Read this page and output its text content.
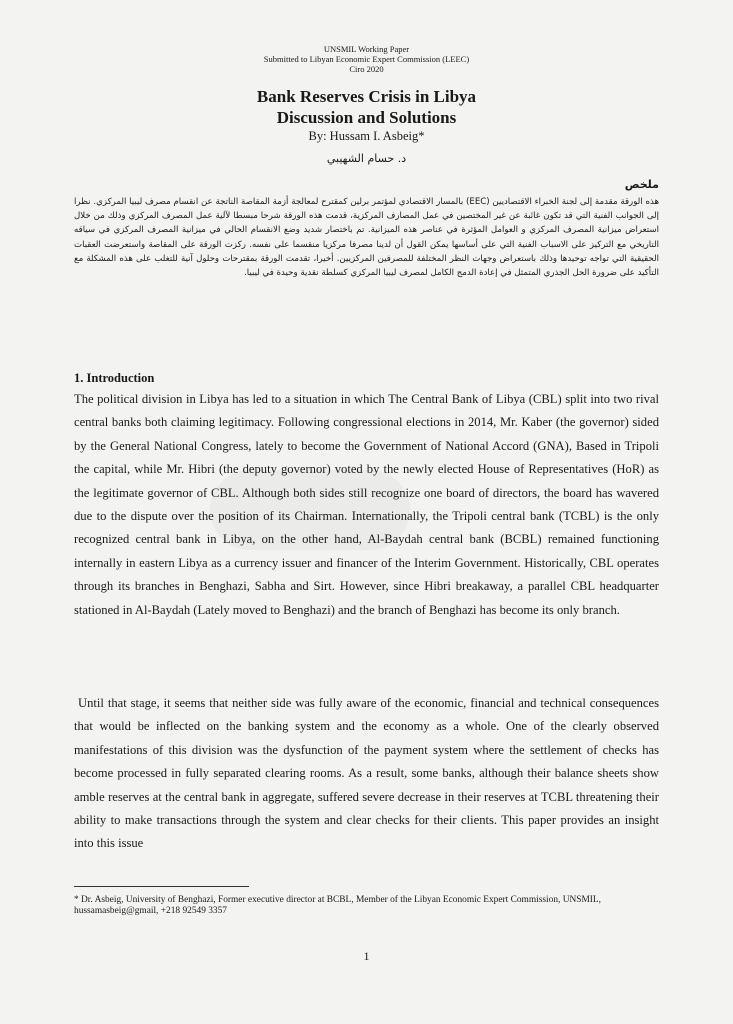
UNSMIL Working Paper
Submitted to Libyan Economic Expert Commission (LEEC)
Ciro 2020
Bank Reserves Crisis in Libya
Discussion and Solutions
By: Hussam I. Asbeig*
د. حسام الشهيبي
ملخص
هذه الورقة مقدمة إلى لجنة الخبراء الاقتصاديين (EEC) بالمسار الاقتصادي لمؤتمر برلين كمقترح لمعالجة أزمة المقاصة الناتجة عن انقسام مصرف ليبيا المركزي. نظرا إلى الجوانب الفنية التي قد تكون غائبة عن غير المختصين في عمل المصارف المركزية، قدمت هذه الورقة شرحا مبسطا لآلية عمل المصرف المركزي وذلك من خلال استعراض ميزانية المصرف المركزي و العوامل المؤثرة في عناصر هذه الميزانية. تم باختصار شديد وضع الانقسام الحالي في ميزانية المصرف المركزي في سياقه التاريخي مع التركيز على الاسباب الفنية التي على أساسها يمكن القول أن لدينا مصرفا مركزيا منقسما على نفسه. ركزت الورقة على المقاصة واستعرضت العقبات الحقيقية التي تواجه توحيدها وذلك باستعراض وجهات النظر المختلفة للمصرفين المركزيين. أخيرا، تقدمت الورقة بمقترحات وحلول آنية للتغلب على هذه المشكلة مع التأكيد على ضرورة الحل الجذري المتمثل في إعادة الدمج الكامل لمصرف ليبيا المركزي كسلطة نقدية وحيدة في ليبيا.
1. Introduction
The political division in Libya has led to a situation in which The Central Bank of Libya (CBL) split into two rival central banks both claiming legitimacy. Following congressional elections in 2014, Mr. Kaber (the governor) sided by the General National Congress, lately to become the Government of National Accord (GNA), Based in Tripoli the capital, while Mr. Hibri (the deputy governor) voted by the newly elected House of Representatives (HoR) as the legitimate governor of CBL. Although both sides still recognize one board of directors, the board has wavered due to the dispute over the position of its Chairman. Internationally, the Tripoli central bank (TCBL) is the only recognized central bank in Libya, on the other hand, Al-Baydah central bank (BCBL) remained functioning internally in eastern Libya as a currency issuer and financer of the Interim Government. Historically, CBL operates through its branches in Benghazi, Sabha and Sirt. However, since Hibri breakaway, a parallel CBL headquarter stationed in Al-Baydah (Lately moved to Benghazi) and the branch of Benghazi has become its only branch.
Until that stage, it seems that neither side was fully aware of the economic, financial and technical consequences that would be inflected on the banking system and the economy as a whole. One of the clearly observed manifestations of this division was the dysfunction of the payment system where the settlement of checks has become processed in fully separated clearing rooms. As a result, some banks, although their balance sheets show amble reserves at the central bank in aggregate, suffered severe decrease in their reserves at TCBL threatening their ability to make transactions through the system and clear checks for their clients. This paper provides an insight into this issue
* Dr. Asbeig, University of Benghazi, Former executive director at BCBL, Member of the Libyan Economic Expert Commission, UNSMIL,
hussamasbeig@gmail, +218 92549 3357
1
